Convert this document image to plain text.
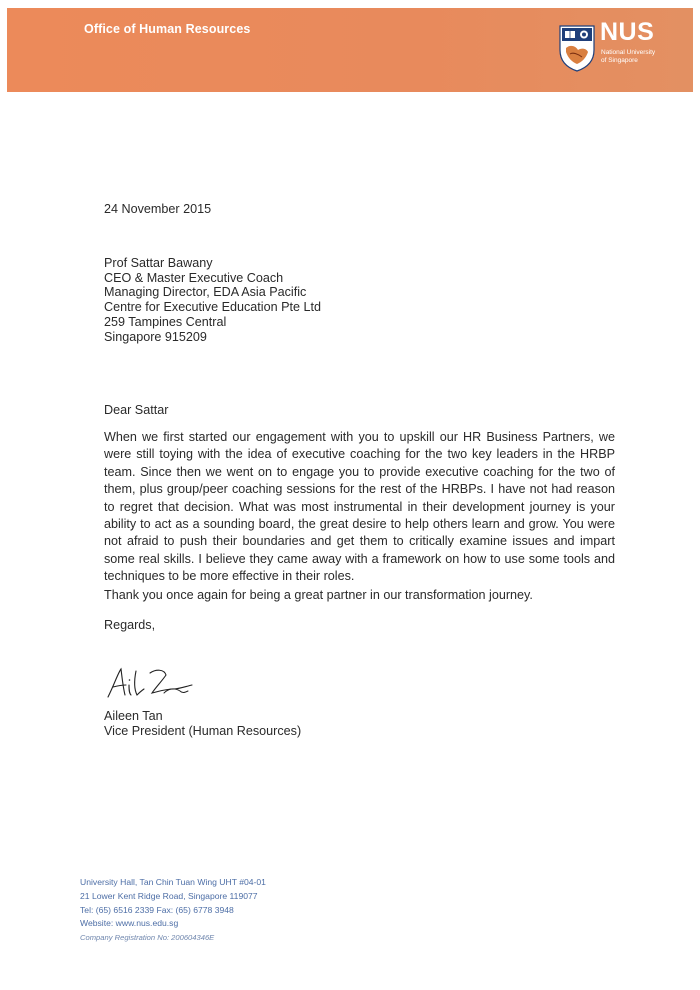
Office of Human Resources	NUS
National University
of Singapore
24 November 2015
Prof Sattar Bawany
CEO & Master Executive Coach
Managing Director, EDA Asia Pacific
Centre for Executive Education Pte Ltd
259 Tampines Central
Singapore 915209
Dear Sattar
When we first started our engagement with you to upskill our HR Business Partners, we were still toying with the idea of executive coaching for the two key leaders in the HRBP team. Since then we went on to engage you to provide executive coaching for the two of them, plus group/peer coaching sessions for the rest of the HRBPs. I have not had reason to regret that decision. What was most instrumental in their development journey is your ability to act as a sounding board, the great desire to help others learn and grow. You were not afraid to push their boundaries and get them to critically examine issues and impart some real skills. I believe they came away with a framework on how to use some tools and techniques to be more effective in their roles.
Thank you once again for being a great partner in our transformation journey.
Regards,
Aileen Tan
Vice President (Human Resources)
University Hall, Tan Chin Tuan Wing UHT #04-01
21 Lower Kent Ridge Road, Singapore 119077
Tel: (65) 6516 2339 Fax: (65) 6778 3948
Website: www.nus.edu.sg
Company Registration No: 200604346E
